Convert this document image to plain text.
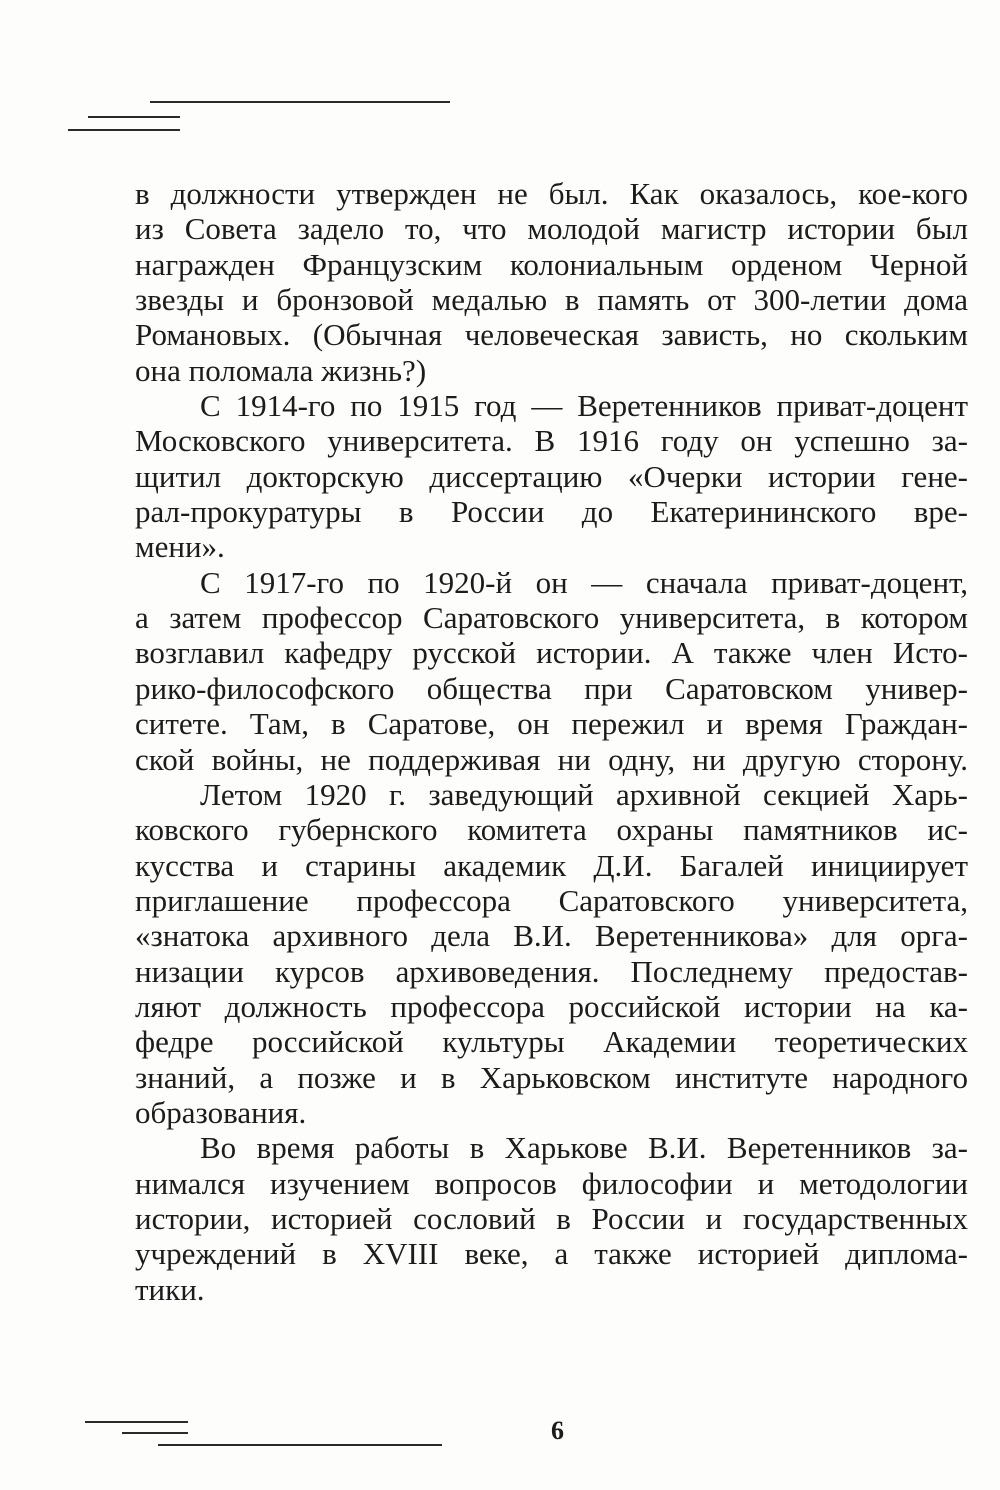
в должности утвержден не был. Как оказалось, кое-кого
из Совета задело то, что молодой магистр истории был
награжден Французским колониальным орденом Черной
звезды и бронзовой медалью в память от 300-летии дома
Романовых. (Обычная человеческая зависть, но скольким
она поломала жизнь?)
С 1914-го по 1915 год — Веретенников приват-доцент
Московского университета. В 1916 году он успешно за-
щитил докторскую диссертацию «Очерки истории гене-
рал-прокуратуры в России до Екатерининского вре-
мени».
С 1917-го по 1920-й он — сначала приват-доцент,
а затем профессор Саратовского университета, в котором
возглавил кафедру русской истории. А также член Исто-
рико-философского общества при Саратовском универ-
ситете. Там, в Саратове, он пережил и время Граждан-
ской войны, не поддерживая ни одну, ни другую сторону.
Летом 1920 г. заведующий архивной секцией Харь-
ковского губернского комитета охраны памятников ис-
кусства и старины академик Д.И. Багалей инициирует
приглашение профессора Саратовского университета,
«знатока архивного дела В.И. Веретенникова» для орга-
низации курсов архивоведения. Последнему предостав-
ляют должность профессора российской истории на ка-
федре российской культуры Академии теоретических
знаний, а позже и в Харьковском институте народного
образования.
Во время работы в Харькове В.И. Веретенников за-
нимался изучением вопросов философии и методологии
истории, историей сословий в России и государственных
учреждений в XVIII веке, а также историей диплома-
тики.
6
